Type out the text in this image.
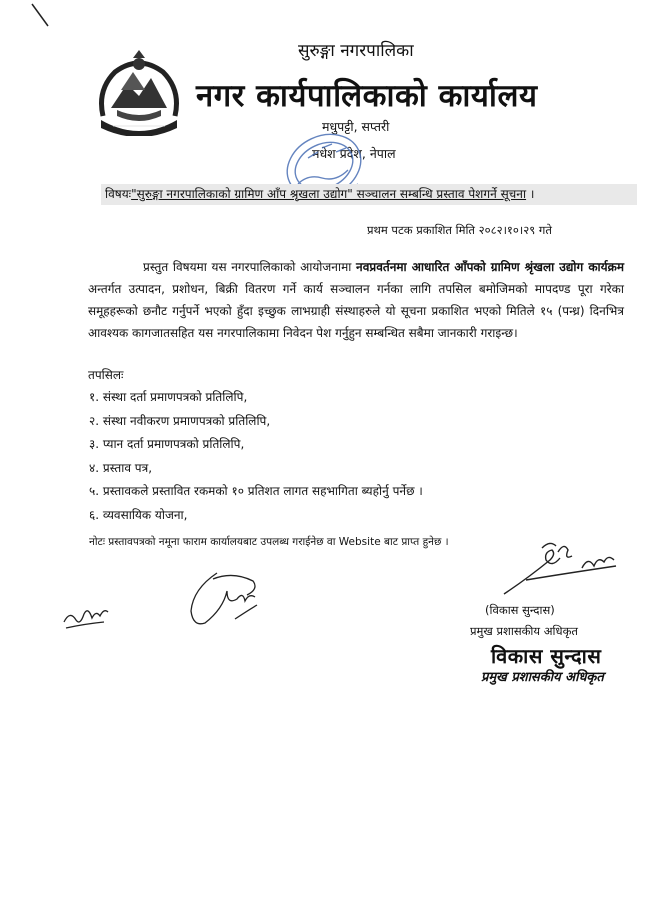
सुरुङ्गा नगरपालिका
नगर कार्यपालिकाको कार्यालय
मधुपट्टी, सप्तरी
मधेश प्रदेश, नेपाल
विषयः"सुरुङ्गा नगरपालिकाको ग्रामिण आँप श्रृखला उद्योग" सञ्चालन सम्बन्धि प्रस्ताव पेशगर्ने सूचना ।
प्रथम पटक प्रकाशित मिति २०८२।१०।२९ गते
प्रस्तुत विषयमा यस नगरपालिकाको आयोजनामा नवप्रवर्तनमा आधारित आँपको ग्रामिण श्रृंखला उद्योग कार्यक्रम अन्तर्गत उत्पादन, प्रशोधन, बिक्री वितरण गर्ने कार्य सञ्चालन गर्नका लागि तपसिल बमोजिमको मापदण्ड पूरा गरेका समूहहरूको छनौट गर्नुपर्ने भएको हुँदा इच्छुक लाभग्राही संस्थाहरुले यो सूचना प्रकाशित भएको मितिले १५ (पन्ध्र) दिनभित्र आवश्यक कागजातसहित यस नगरपालिकामा निवेदन पेश गर्नुहुन सम्बन्धित सबैमा जानकारी गराइन्छ।
तपसिलः
१. संस्था दर्ता प्रमाणपत्रको प्रतिलिपि,
२. संस्था नवीकरण प्रमाणपत्रको प्रतिलिपि,
३. प्यान दर्ता प्रमाणपत्रको प्रतिलिपि,
४. प्रस्ताव पत्र,
५. प्रस्तावकले प्रस्तावित रकमको १० प्रतिशत लागत सहभागिता ब्यहोर्नु पर्नेछ ।
६. व्यवसायिक योजना,
नोटः प्रस्तावपत्रको नमूना फाराम कार्यालयबाट उपलब्ध गराईनेछ वा Website बाट प्राप्त हुनेछ ।
(विकास सुन्दास)
प्रमुख प्रशासकीय अधिकृत
विकास सुन्दास
प्रमुख प्रशासकीय अधिकृत
